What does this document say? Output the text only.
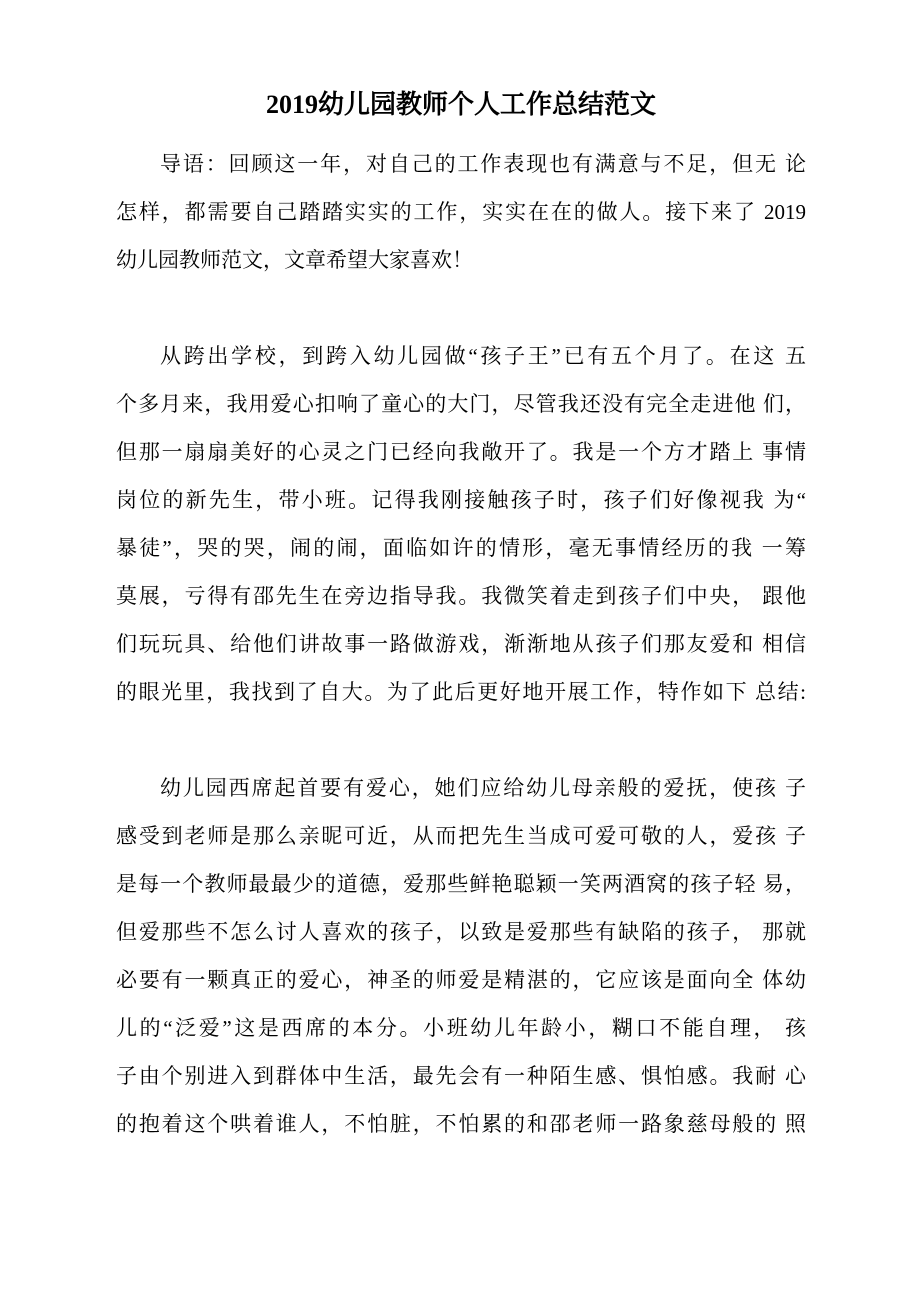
2019幼儿园教师个人工作总结范文
导语：回顾这一年，对自己的工作表现也有满意与不足，但无 论
怎样，都需要自己踏踏实实的工作，实实在在的做人。接下来了 2019
幼儿园教师范文，文章希望大家喜欢！
从跨出学校，到跨入幼儿园做“孩子王”已有五个月了。在这 五
个多月来，我用爱心扣响了童心的大门，尽管我还没有完全走进他 们，
但那一扇扇美好的心灵之门已经向我敞开了。我是一个方才踏上 事情
岗位的新先生，带小班。记得我刚接触孩子时，孩子们好像视我 为“
暴徒”，哭的哭，闹的闹，面临如许的情形，毫无事情经历的我 一筹
莫展，亏得有邵先生在旁边指导我。我微笑着走到孩子们中央， 跟他
们玩玩具、给他们讲故事一路做游戏，渐渐地从孩子们那友爱和 相信
的眼光里，我找到了自大。为了此后更好地开展工作，特作如下 总结:
幼儿园西席起首要有爱心，她们应给幼儿母亲般的爱抚，使孩 子
感受到老师是那么亲昵可近，从而把先生当成可爱可敬的人，爱孩 子
是每一个教师最最少的道德，爱那些鲜艳聪颖一笑两酒窝的孩子轻 易，
但爱那些不怎么讨人喜欢的孩子，以致是爱那些有缺陷的孩子， 那就
必要有一颗真正的爱心，神圣的师爱是精湛的，它应该是面向全 体幼
儿的“泛爱”这是西席的本分。小班幼儿年龄小，糊口不能自理， 孩
子由个别进入到群体中生活，最先会有一种陌生感、惧怕感。我耐 心
的抱着这个哄着谁人，不怕脏，不怕累的和邵老师一路象慈母般的 照
